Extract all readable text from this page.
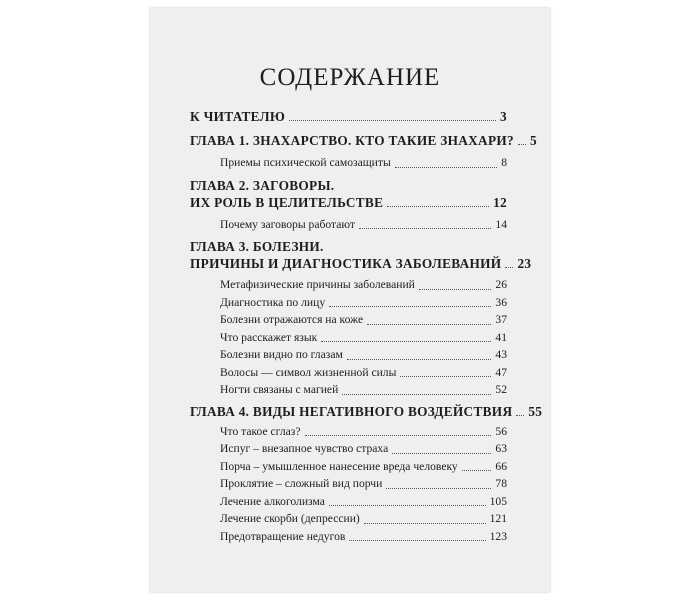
СОДЕРЖАНИЕ
К ЧИТАТЕЛЮ	3
ГЛАВА 1. ЗНАХАРСТВО. КТО ТАКИЕ ЗНАХАРИ? 5
Приемы психической самозащиты	8
ГЛАВА 2. ЗАГОВОРЫ.
ИХ РОЛЬ В ЦЕЛИТЕЛЬСТВЕ	12
Почему заговоры работают	14
ГЛАВА 3. БОЛЕЗНИ.
ПРИЧИНЫ И ДИАГНОСТИКА ЗАБОЛЕВАНИЙ 23
Метафизические причины заболеваний	26
Диагностика по лицу	36
Болезни отражаются на коже	37
Что расскажет язык	41
Болезни видно по глазам	43
Волосы — символ жизненной силы	47
Ногти связаны с магией	52
ГЛАВА 4. ВИДЫ НЕГАТИВНОГО ВОЗДЕЙСТВИЯ 55
Что такое сглаз?	56
Испуг – внезапное чувство страха	63
Порча – умышленное нанесение вреда человеку	66
Проклятие – сложный вид порчи	78
Лечение алкоголизма	105
Лечение скорби (депрессии)	121
Предотвращение недугов	123
